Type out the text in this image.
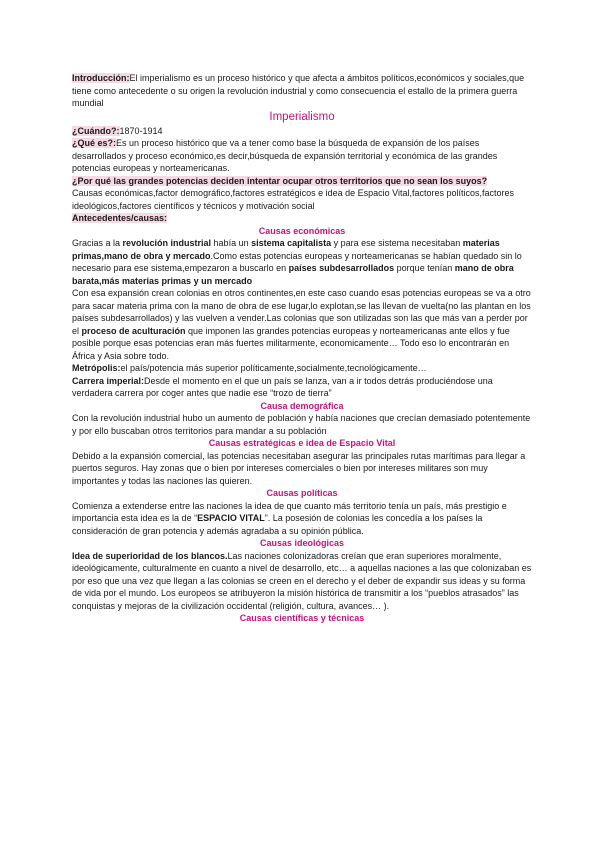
Introducción:El imperialismo es un proceso histórico y que afecta a ámbitos políticos,económicos y sociales,que tiene como antecedente o su origen la revolución industrial y como consecuencia el estallo de la primera guerra mundial

Imperialismo

¿Cuándo?:1870-1914

¿Qué es?:Es un proceso histórico que va a tener como base la búsqueda de expansión de los países desarrollados y proceso económico,es decir,búsqueda de expansión territorial y económica de las grandes potencias europeas y norteamericanas.

¿Por qué las grandes potencias deciden intentar ocupar otros territorios que no sean los suyos?

Causas económicas,factor demográfico,factores estratégicos e idea de Espacio Vital,factores políticos,factores ideológicos,factores científicos y técnicos y motivación social

Antecedentes/causas:

Causas económicas

Gracias a la revolución industrial había un sistema capitalista y para ese sistema necesitaban materias primas,mano de obra y mercado.Como estas potencias europeas y norteamericanas se habían quedado sin lo necesario para ese sistema,empezaron a buscarlo en países subdesarrollados porque tenían mano de obra barata,más materias primas y un mercado

Con esa expansión crean colonias en otros continentes,en este caso cuando esas potencias europeas se va a otro para sacar materia prima con la mano de obra de ese lugar,lo explotan,se las llevan de vuelta(no las plantan en los países subdesarrollados) y las vuelven a vender.Las colonias que son utilizadas son las que más van a perder por el proceso de aculturación que imponen las grandes potencias europeas y norteamericanas ante ellos y fue posible porque esas potencias eran más fuertes militarmente, economicamente… Todo eso lo encontrarán en África y Asia sobre todo.

Metrópolis:el país/potencia más superior políticamente,socialmente,tecnológicamente…

Carrera imperial:Desde el momento en el que un país se lanza, van a ir todos detrás produciéndose una verdadera carrera por coger antes que nadie ese “trozo de tierra”

Causa demográfica

Con la revolución industrial hubo un aumento de población y había naciones que crecían demasiado potentemente y por ello buscaban otros territorios para mandar a su población

Causas estratégicas e idea de Espacio Vital

Debido a la expansión comercial, las potencias necesitaban asegurar las principales rutas marítimas para llegar a puertos seguros. Hay zonas que o bien por intereses comerciales o bien por intereses militares son muy importantes y todas las naciones las quieren.

Causas políticas

Comienza a extenderse entre las naciones la idea de que cuanto más territorio tenía un país, más prestigio e importancia esta idea es la de “ESPACIO VITAL”. La posesión de colonias les concedía a los países la consideración de gran potencia y además agradaba a su opinión pública.

Causas ideológicas

Idea de superioridad de los blancos.Las naciones colonizadoras creían que eran superiores moralmente, ideológicamente, culturalmente en cuanto a nivel de desarrollo, etc… a aquellas naciones a las que colonizaban es por eso que una vez que llegan a las colonias se creen en el derecho y el deber de expandir sus ideas y su forma de vida por el mundo. Los europeos se atribuyeron la misión histórica de transmitir a los “pueblos atrasados” las conquistas y mejoras de la civilización occidental (religión, cultura, avances… ).

Causas científicas y técnicas
